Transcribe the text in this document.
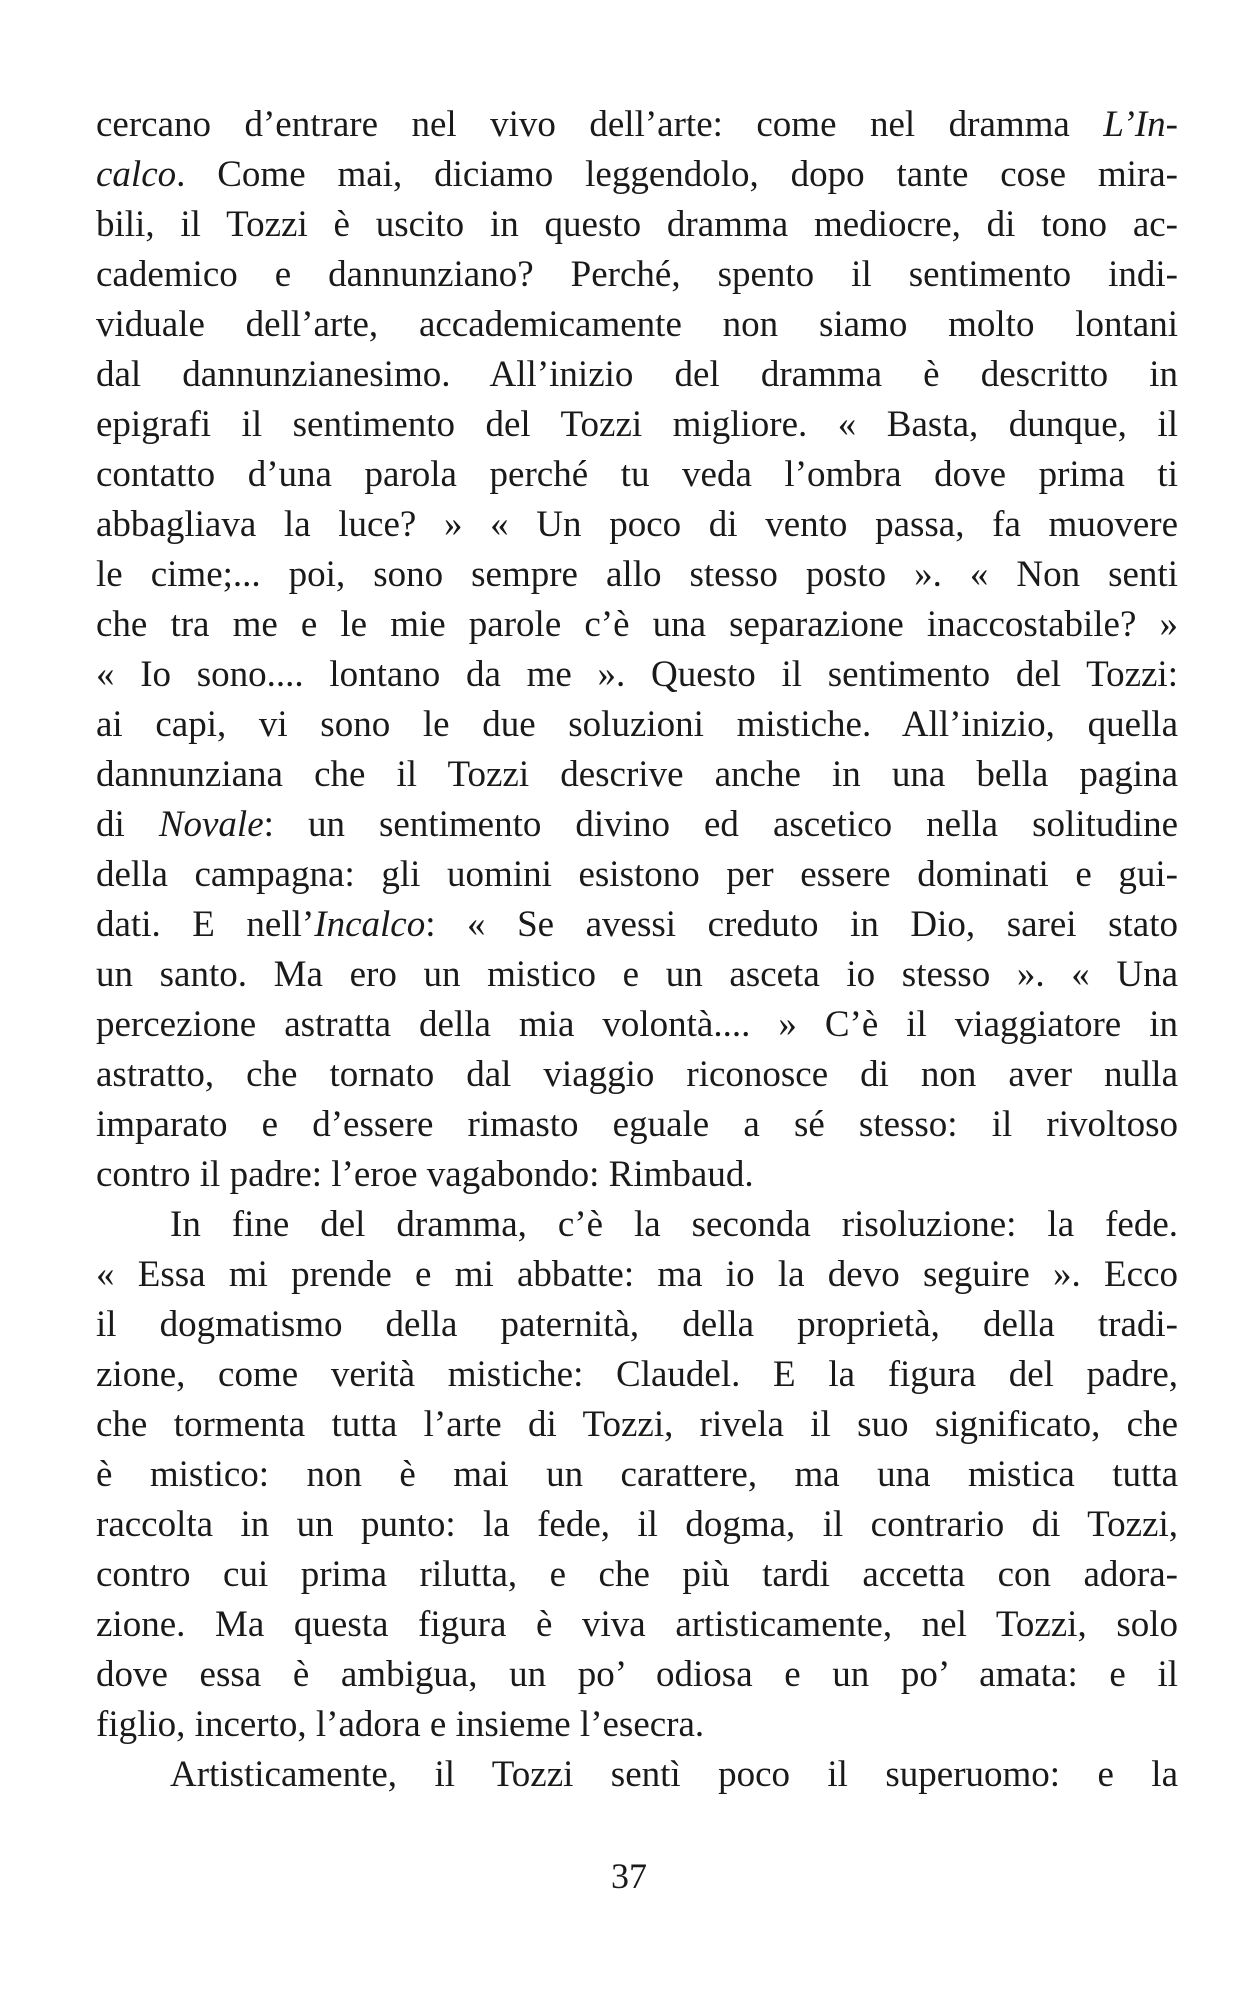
cercano d’entrare nel vivo dell’arte: come nel dramma L’In-
calco. Come mai, diciamo leggendolo, dopo tante cose mira-
bili, il Tozzi è uscito in questo dramma mediocre, di tono ac-
cademico e dannunziano? Perché, spento il sentimento indi-
viduale dell’arte, accademicamente non siamo molto lontani
dal dannunzianesimo. All’inizio del dramma è descritto in
epigrafi il sentimento del Tozzi migliore. « Basta, dunque, il
contatto d’una parola perché tu veda l’ombra dove prima ti
abbagliava la luce? » « Un poco di vento passa, fa muovere
le cime;... poi, sono sempre allo stesso posto ». « Non senti
che tra me e le mie parole c’è una separazione inaccostabile? »
« Io sono.... lontano da me ». Questo il sentimento del Tozzi:
ai capi, vi sono le due soluzioni mistiche. All’inizio, quella
dannunziana che il Tozzi descrive anche in una bella pagina
di Novale: un sentimento divino ed ascetico nella solitudine
della campagna: gli uomini esistono per essere dominati e gui-
dati. E nell’Incalco: « Se avessi creduto in Dio, sarei stato
un santo. Ma ero un mistico e un asceta io stesso ». « Una
percezione astratta della mia volontà.... » C’è il viaggiatore in
astratto, che tornato dal viaggio riconosce di non aver nulla
imparato e d’essere rimasto eguale a sé stesso: il rivoltoso
contro il padre: l’eroe vagabondo: Rimbaud.
In fine del dramma, c’è la seconda risoluzione: la fede.
« Essa mi prende e mi abbatte: ma io la devo seguire ». Ecco
il dogmatismo della paternità, della proprietà, della tradi-
zione, come verità mistiche: Claudel. E la figura del padre,
che tormenta tutta l’arte di Tozzi, rivela il suo significato, che
è mistico: non è mai un carattere, ma una mistica tutta
raccolta in un punto: la fede, il dogma, il contrario di Tozzi,
contro cui prima rilutta, e che più tardi accetta con adora-
zione. Ma questa figura è viva artisticamente, nel Tozzi, solo
dove essa è ambigua, un po’ odiosa e un po’ amata: e il
figlio, incerto, l’adora e insieme l’esecra.
Artisticamente, il Tozzi sentì poco il superuomo: e la
37
